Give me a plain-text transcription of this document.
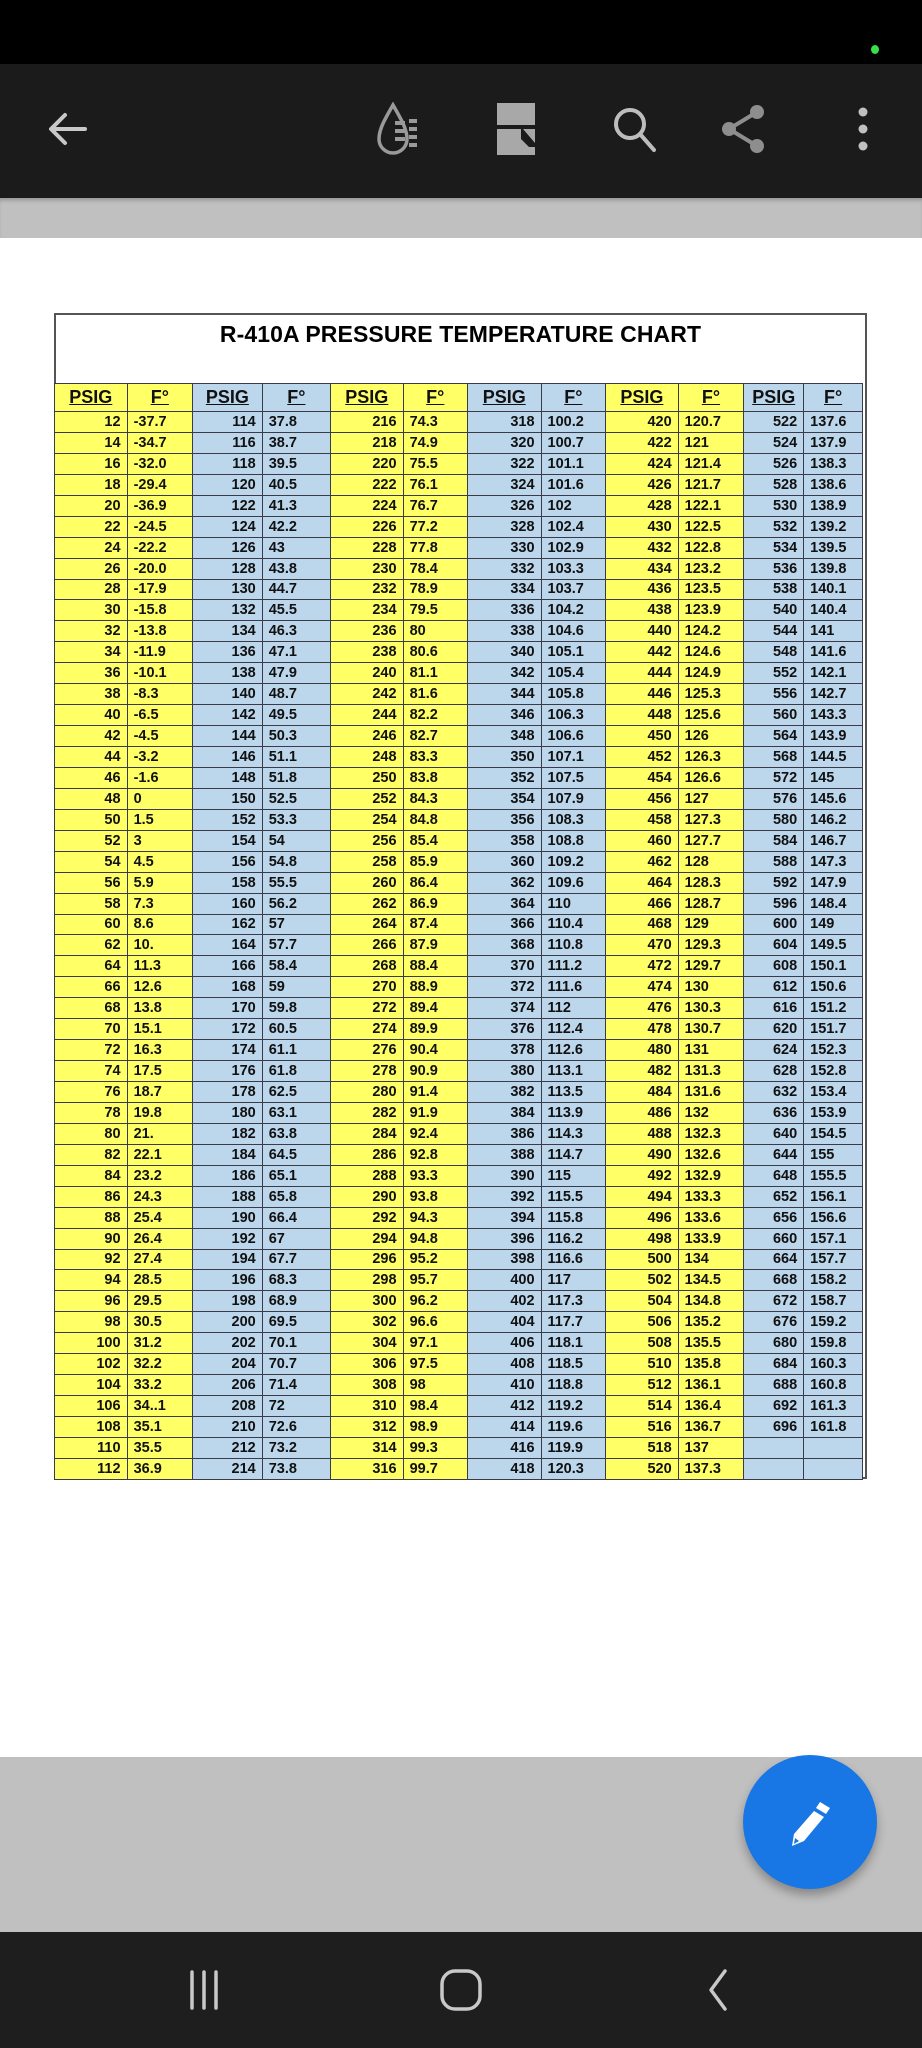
R-410A PRESSURE TEMPERATURE CHART
PSIG	F°	PSIG	F°	PSIG	F°	PSIG	F°	PSIG	F°	PSIG	F°
12	-37.7	114	37.8	216	74.3	318	100.2	420	120.7	522	137.6
14	-34.7	116	38.7	218	74.9	320	100.7	422	121	524	137.9
16	-32.0	118	39.5	220	75.5	322	101.1	424	121.4	526	138.3
18	-29.4	120	40.5	222	76.1	324	101.6	426	121.7	528	138.6
20	-36.9	122	41.3	224	76.7	326	102	428	122.1	530	138.9
22	-24.5	124	42.2	226	77.2	328	102.4	430	122.5	532	139.2
24	-22.2	126	43	228	77.8	330	102.9	432	122.8	534	139.5
26	-20.0	128	43.8	230	78.4	332	103.3	434	123.2	536	139.8
28	-17.9	130	44.7	232	78.9	334	103.7	436	123.5	538	140.1
30	-15.8	132	45.5	234	79.5	336	104.2	438	123.9	540	140.4
32	-13.8	134	46.3	236	80	338	104.6	440	124.2	544	141
34	-11.9	136	47.1	238	80.6	340	105.1	442	124.6	548	141.6
36	-10.1	138	47.9	240	81.1	342	105.4	444	124.9	552	142.1
38	-8.3	140	48.7	242	81.6	344	105.8	446	125.3	556	142.7
40	-6.5	142	49.5	244	82.2	346	106.3	448	125.6	560	143.3
42	-4.5	144	50.3	246	82.7	348	106.6	450	126	564	143.9
44	-3.2	146	51.1	248	83.3	350	107.1	452	126.3	568	144.5
46	-1.6	148	51.8	250	83.8	352	107.5	454	126.6	572	145
48	0	150	52.5	252	84.3	354	107.9	456	127	576	145.6
50	1.5	152	53.3	254	84.8	356	108.3	458	127.3	580	146.2
52	3	154	54	256	85.4	358	108.8	460	127.7	584	146.7
54	4.5	156	54.8	258	85.9	360	109.2	462	128	588	147.3
56	5.9	158	55.5	260	86.4	362	109.6	464	128.3	592	147.9
58	7.3	160	56.2	262	86.9	364	110	466	128.7	596	148.4
60	8.6	162	57	264	87.4	366	110.4	468	129	600	149
62	10.	164	57.7	266	87.9	368	110.8	470	129.3	604	149.5
64	11.3	166	58.4	268	88.4	370	111.2	472	129.7	608	150.1
66	12.6	168	59	270	88.9	372	111.6	474	130	612	150.6
68	13.8	170	59.8	272	89.4	374	112	476	130.3	616	151.2
70	15.1	172	60.5	274	89.9	376	112.4	478	130.7	620	151.7
72	16.3	174	61.1	276	90.4	378	112.6	480	131	624	152.3
74	17.5	176	61.8	278	90.9	380	113.1	482	131.3	628	152.8
76	18.7	178	62.5	280	91.4	382	113.5	484	131.6	632	153.4
78	19.8	180	63.1	282	91.9	384	113.9	486	132	636	153.9
80	21.	182	63.8	284	92.4	386	114.3	488	132.3	640	154.5
82	22.1	184	64.5	286	92.8	388	114.7	490	132.6	644	155
84	23.2	186	65.1	288	93.3	390	115	492	132.9	648	155.5
86	24.3	188	65.8	290	93.8	392	115.5	494	133.3	652	156.1
88	25.4	190	66.4	292	94.3	394	115.8	496	133.6	656	156.6
90	26.4	192	67	294	94.8	396	116.2	498	133.9	660	157.1
92	27.4	194	67.7	296	95.2	398	116.6	500	134	664	157.7
94	28.5	196	68.3	298	95.7	400	117	502	134.5	668	158.2
96	29.5	198	68.9	300	96.2	402	117.3	504	134.8	672	158.7
98	30.5	200	69.5	302	96.6	404	117.7	506	135.2	676	159.2
100	31.2	202	70.1	304	97.1	406	118.1	508	135.5	680	159.8
102	32.2	204	70.7	306	97.5	408	118.5	510	135.8	684	160.3
104	33.2	206	71.4	308	98	410	118.8	512	136.1	688	160.8
106	34..1	208	72	310	98.4	412	119.2	514	136.4	692	161.3
108	35.1	210	72.6	312	98.9	414	119.6	516	136.7	696	161.8
110	35.5	212	73.2	314	99.3	416	119.9	518	137		
112	36.9	214	73.8	316	99.7	418	120.3	520	137.3		
